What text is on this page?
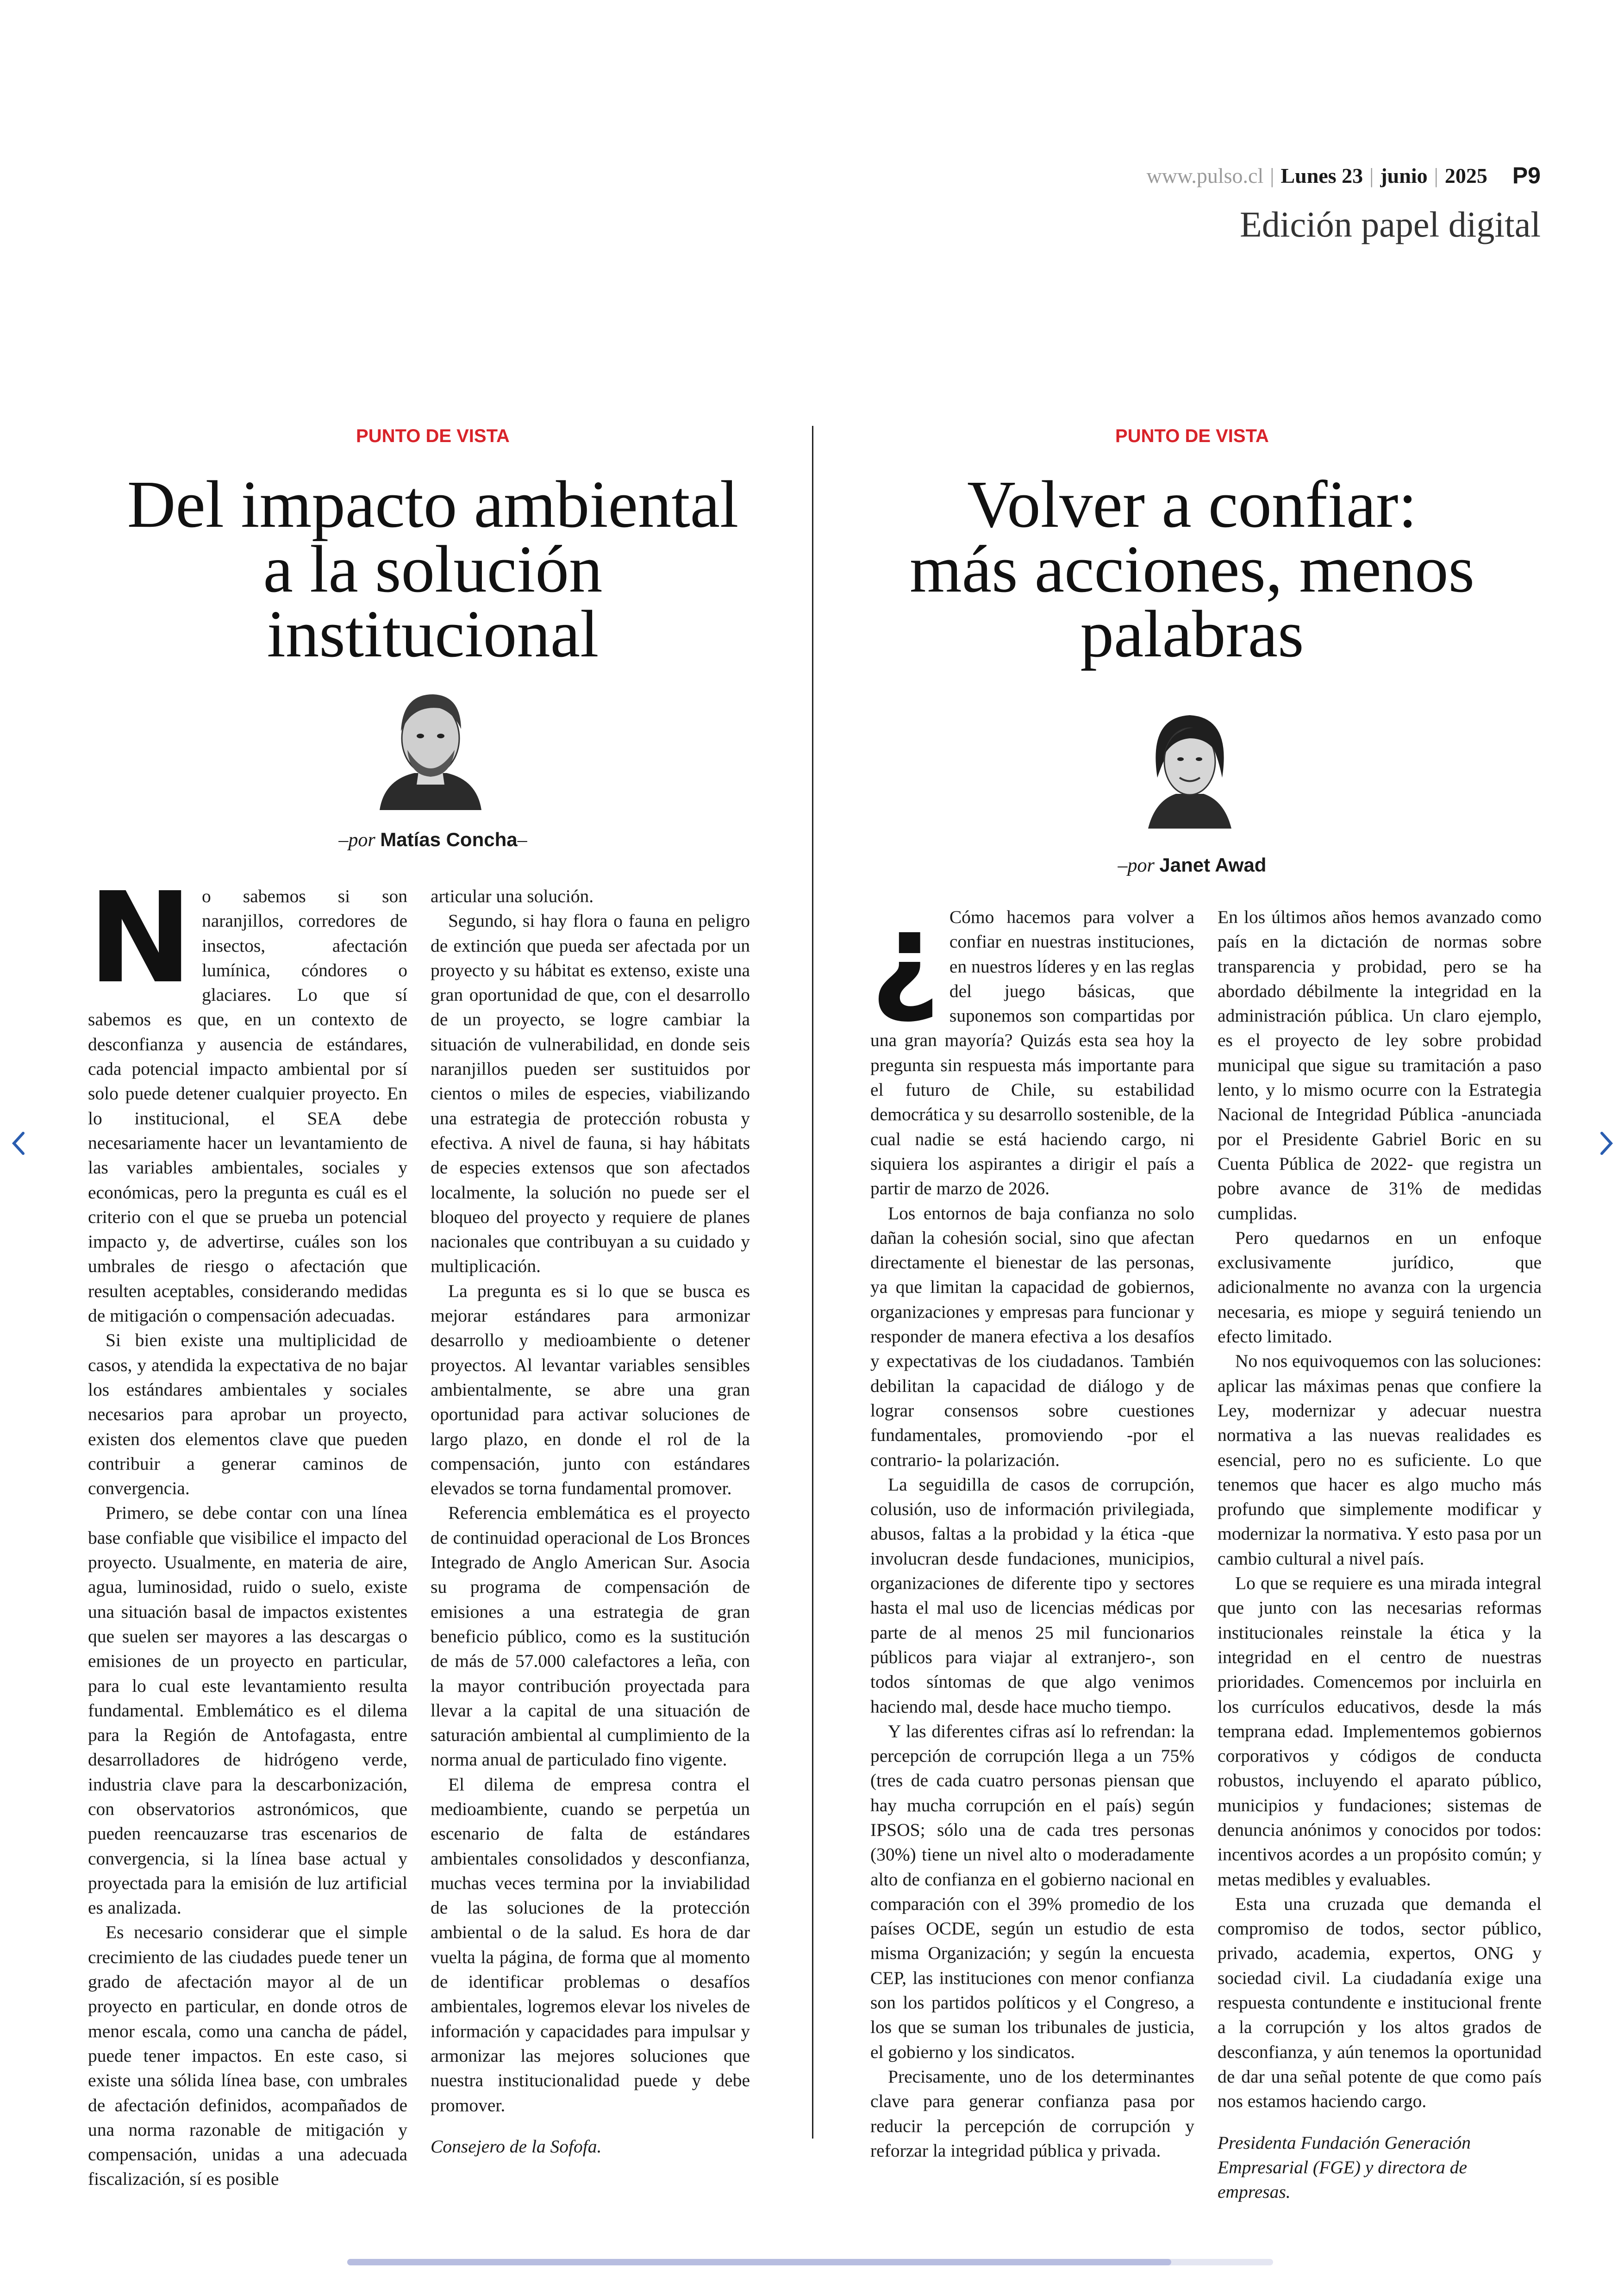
www.pulso.cl | Lunes 23 | junio | 2025 P9
Edición papel digital
PUNTO DE VISTA
Del impacto ambiental
a la solución
institucional
–por Matías Concha–
N o sabemos si son naranjillos, corredores de insectos, afectación lumínica, cóndores o glaciares. Lo que sí sabemos es que, en un contexto de desconfianza y ausencia de estándares, cada potencial impacto ambiental por sí solo puede detener cualquier proyecto. En lo institucional, el SEA debe necesariamente hacer un levantamiento de las variables ambientales, sociales y económicas, pero la pregunta es cuál es el criterio con el que se prueba un potencial impacto y, de advertirse, cuáles son los umbrales de riesgo o afectación que resulten aceptables, considerando medidas de mitigación o compensación adecuadas.

Si bien existe una multiplicidad de casos, y atendida la expectativa de no bajar los estándares ambientales y sociales necesarios para aprobar un proyecto, existen dos elementos clave que pueden contribuir a generar caminos de convergencia.

Primero, se debe contar con una línea base confiable que visibilice el impacto del proyecto. Usualmente, en materia de aire, agua, luminosidad, ruido o suelo, existe una situación basal de impactos existentes que suelen ser mayores a las descargas o emisiones de un proyecto en particular, para lo cual este levantamiento resulta fundamental. Emblemático es el dilema para la Región de Antofagasta, entre desarrolladores de hidrógeno verde, industria clave para la descarbonización, con observatorios astronómicos, que pueden reencauzarse tras escenarios de convergencia, si la línea base actual y proyectada para la emisión de luz artificial es analizada.

Es necesario considerar que el simple crecimiento de las ciudades puede tener un grado de afectación mayor al de un proyecto en particular, en donde otros de menor escala, como una cancha de pádel, puede tener impactos. En este caso, si existe una sólida línea base, con umbrales de afectación definidos, acompañados de una norma razonable de mitigación y compensación, unidas a una adecuada fiscalización, sí es posible

articular una solución.

Segundo, si hay flora o fauna en peligro de extinción que pueda ser afectada por un proyecto y su hábitat es extenso, existe una gran oportunidad de que, con el desarrollo de un proyecto, se logre cambiar la situación de vulnerabilidad, en donde seis naranjillos pueden ser sustituidos por cientos o miles de especies, viabilizando una estrategia de protección robusta y efectiva. A nivel de fauna, si hay hábitats de especies extensos que son afectados localmente, la solución no puede ser el bloqueo del proyecto y requiere de planes nacionales que contribuyan a su cuidado y multiplicación.

La pregunta es si lo que se busca es mejorar estándares para armonizar desarrollo y medioambiente o detener proyectos. Al levantar variables sensibles ambientalmente, se abre una gran oportunidad para activar soluciones de largo plazo, en donde el rol de la compensación, junto con estándares elevados se torna fundamental promover.

Referencia emblemática es el proyecto de continuidad operacional de Los Bronces Integrado de Anglo American Sur. Asocia su programa de compensación de emisiones a una estrategia de gran beneficio público, como es la sustitución de más de 57.000 calefactores a leña, con la mayor contribución proyectada para llevar a la capital de una situación de saturación ambiental al cumplimiento de la norma anual de particulado fino vigente.

El dilema de empresa contra el medioambiente, cuando se perpetúa un escenario de falta de estándares ambientales consolidados y desconfianza, muchas veces termina por la inviabilidad de las soluciones de la protección ambiental o de la salud. Es hora de dar vuelta la página, de forma que al momento de identificar problemas o desafíos ambientales, logremos elevar los niveles de información y capacidades para impulsar y armonizar las mejores soluciones que nuestra institucionalidad puede y debe promover.

Consejero de la Sofofa.

PUNTO DE VISTA
Volver a confiar:
más acciones, menos
palabras
–por Janet Awad
¿ Cómo hacemos para volver a confiar en nuestras instituciones, en nuestros líderes y en las reglas del juego básicas, que suponemos son compartidas por una gran mayoría? Quizás esta sea hoy la pregunta sin respuesta más importante para el futuro de Chile, su estabilidad democrática y su desarrollo sostenible, de la cual nadie se está haciendo cargo, ni siquiera los aspirantes a dirigir el país a partir de marzo de 2026.

Los entornos de baja confianza no solo dañan la cohesión social, sino que afectan directamente el bienestar de las personas, ya que limitan la capacidad de gobiernos, organizaciones y empresas para funcionar y responder de manera efectiva a los desafíos y expectativas de los ciudadanos. También debilitan la capacidad de diálogo y de lograr consensos sobre cuestiones fundamentales, promoviendo -por el contrario- la polarización.

La seguidilla de casos de corrupción, colusión, uso de información privilegiada, abusos, faltas a la probidad y la ética -que involucran desde fundaciones, municipios, organizaciones de diferente tipo y sectores hasta el mal uso de licencias médicas por parte de al menos 25 mil funcionarios públicos para viajar al extranjero-, son todos síntomas de que algo venimos haciendo mal, desde hace mucho tiempo.

Y las diferentes cifras así lo refrendan: la percepción de corrupción llega a un 75% (tres de cada cuatro personas piensan que hay mucha corrupción en el país) según IPSOS; sólo una de cada tres personas (30%) tiene un nivel alto o moderadamente alto de confianza en el gobierno nacional en comparación con el 39% promedio de los países OCDE, según un estudio de esta misma Organización; y según la encuesta CEP, las instituciones con menor confianza son los partidos políticos y el Congreso, a los que se suman los tribunales de justicia, el gobierno y los sindicatos.

Precisamente, uno de los determinantes clave para generar confianza pasa por reducir la percepción de corrupción y reforzar la integridad pública y privada.

En los últimos años hemos avanzado como país en la dictación de normas sobre transparencia y probidad, pero se ha abordado débilmente la integridad en la administración pública. Un claro ejemplo, es el proyecto de ley sobre probidad municipal que sigue su tramitación a paso lento, y lo mismo ocurre con la Estrategia Nacional de Integridad Pública -anunciada por el Presidente Gabriel Boric en su Cuenta Pública de 2022- que registra un pobre avance de 31% de medidas cumplidas.

Pero quedarnos en un enfoque exclusivamente jurídico, que adicionalmente no avanza con la urgencia necesaria, es miope y seguirá teniendo un efecto limitado.

No nos equivoquemos con las soluciones: aplicar las máximas penas que confiere la Ley, modernizar y adecuar nuestra normativa a las nuevas realidades es esencial, pero no es suficiente. Lo que tenemos que hacer es algo mucho más profundo que simplemente modificar y modernizar la normativa. Y esto pasa por un cambio cultural a nivel país.

Lo que se requiere es una mirada integral que junto con las necesarias reformas institucionales reinstale la ética y la integridad en el centro de nuestras prioridades. Comencemos por incluirla en los currículos educativos, desde la más temprana edad. Implementemos gobiernos corporativos y códigos de conducta robustos, incluyendo el aparato público, municipios y fundaciones; sistemas de denuncia anónimos y conocidos por todos: incentivos acordes a un propósito común; y metas medibles y evaluables.

Esta una cruzada que demanda el compromiso de todos, sector público, privado, academia, expertos, ONG y sociedad civil. La ciudadanía exige una respuesta contundente e institucional frente a la corrupción y los altos grados de desconfianza, y aún tenemos la oportunidad de dar una señal potente de que como país nos estamos haciendo cargo.

Presidenta Fundación Generación Empresarial (FGE) y directora de empresas.
